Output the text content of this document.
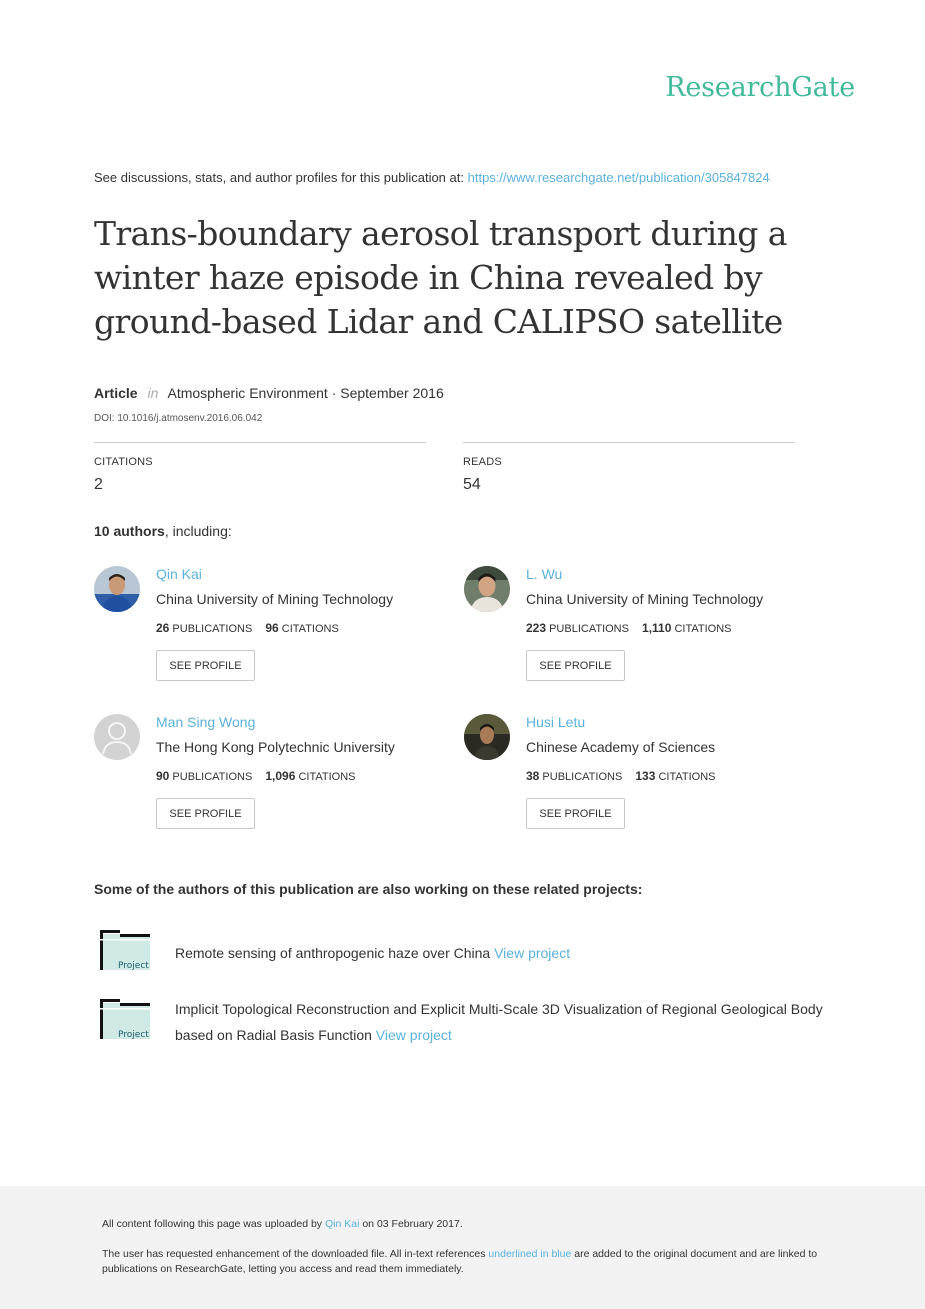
ResearchGate
See discussions, stats, and author profiles for this publication at: https://www.researchgate.net/publication/305847824
Trans-boundary aerosol transport during a winter haze episode in China revealed by ground-based Lidar and CALIPSO satellite
Article in Atmospheric Environment · September 2016
DOI: 10.1016/j.atmosenv.2016.06.042
CITATIONS
2
READS
54
10 authors, including:
Qin Kai
China University of Mining Technology
26 PUBLICATIONS 96 CITATIONS
SEE PROFILE
L. Wu
China University of Mining Technology
223 PUBLICATIONS 1,110 CITATIONS
SEE PROFILE
Man Sing Wong
The Hong Kong Polytechnic University
90 PUBLICATIONS 1,096 CITATIONS
SEE PROFILE
Husi Letu
Chinese Academy of Sciences
38 PUBLICATIONS 133 CITATIONS
SEE PROFILE
Some of the authors of this publication are also working on these related projects:
Project
Remote sensing of anthropogenic haze over China View project
Project
Implicit Topological Reconstruction and Explicit Multi-Scale 3D Visualization of Regional Geological Body based on Radial Basis Function View project

All content following this page was uploaded by Qin Kai on 03 February 2017.

The user has requested enhancement of the downloaded file. All in-text references underlined in blue are added to the original document and are linked to publications on ResearchGate, letting you access and read them immediately.
